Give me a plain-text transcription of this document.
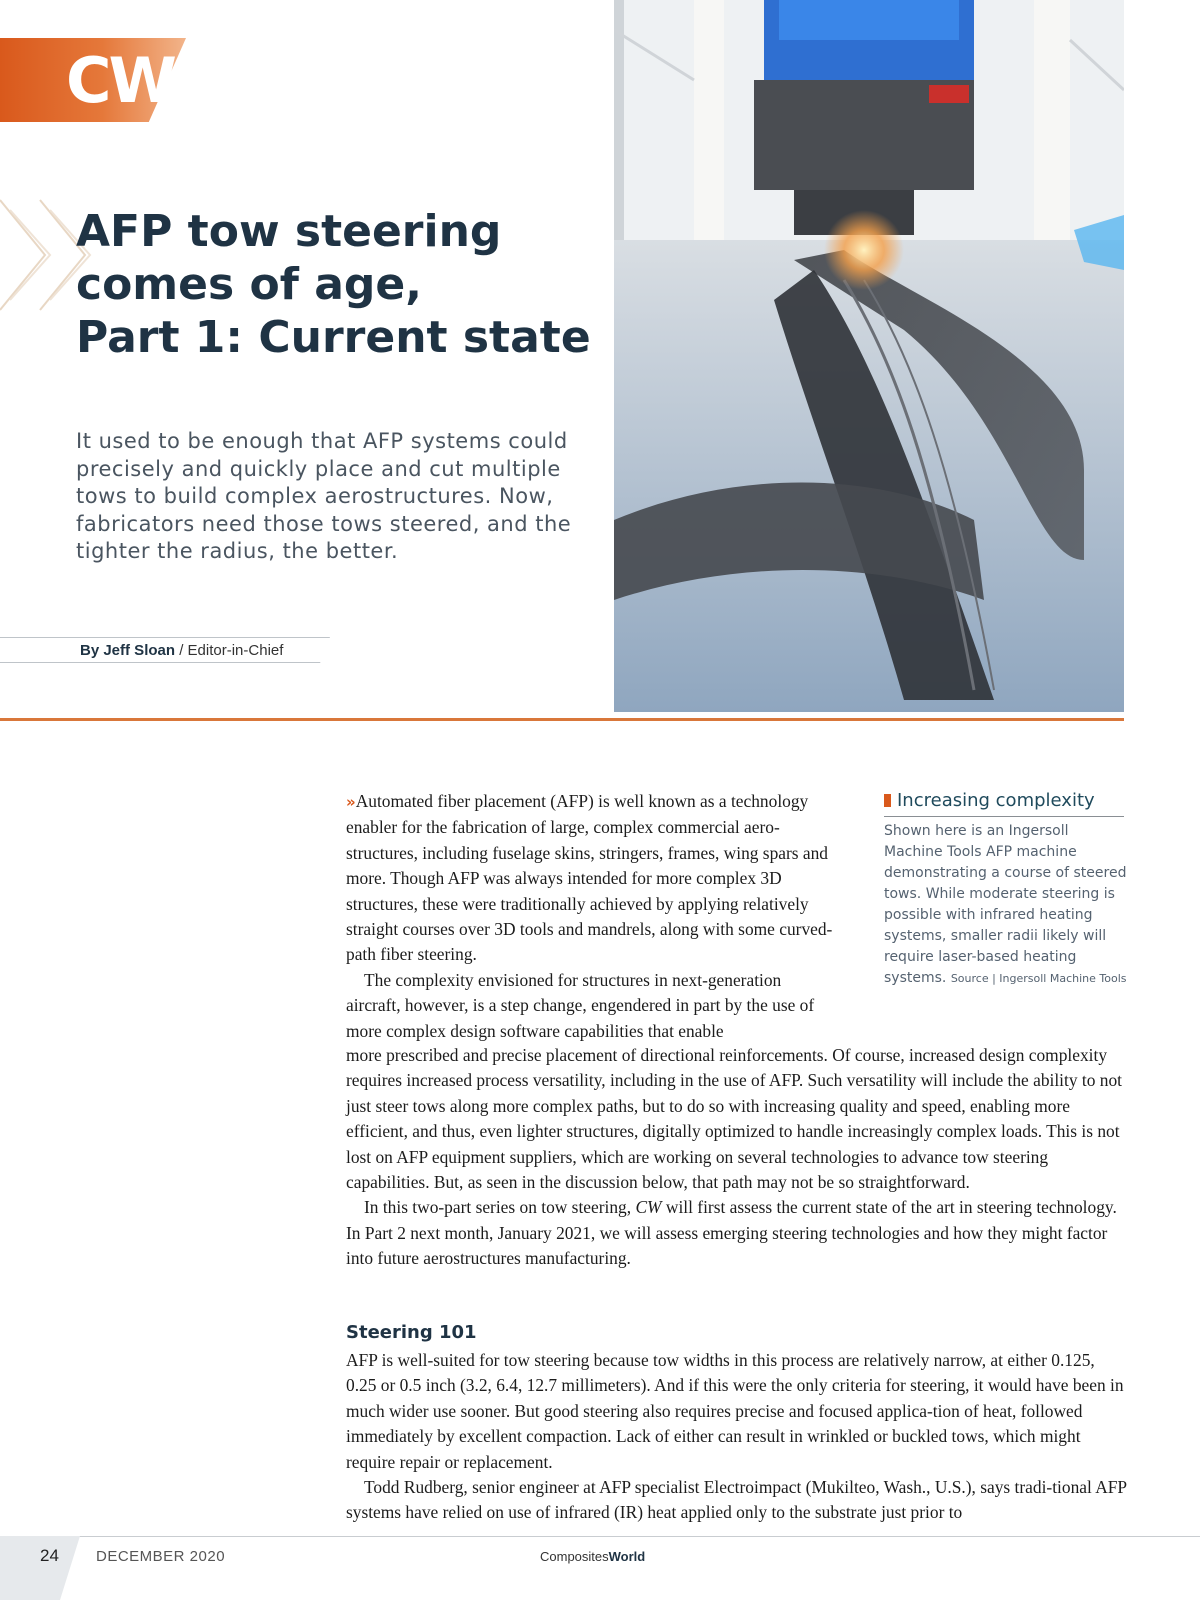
CW
AFP tow steering
comes of age,
Part 1: Current state

It used to be enough that AFP systems could precisely and quickly place and cut multiple tows to build complex aerostructures. Now, fabricators need those tows steered, and the tighter the radius, the better.

By Jeff Sloan / Editor-in-Chief

»Automated fiber placement (AFP) is well known as a technology enabler for the fabrication of large, complex commercial aero-structures, including fuselage skins, stringers, frames, wing spars and more. Though AFP was always intended for more complex 3D structures, these were traditionally achieved by applying relatively straight courses over 3D tools and mandrels, along with some curved-path fiber steering.

The complexity envisioned for structures in next-generation aircraft, however, is a step change, engendered in part by the use of more complex design software capabilities that enable

more prescribed and precise placement of directional reinforcements. Of course, increased design complexity requires increased process versatility, including in the use of AFP. Such versatility will include the ability to not just steer tows along more complex paths, but to do so with increasing quality and speed, enabling more efficient, and thus, even lighter structures, digitally optimized to handle increasingly complex loads. This is not lost on AFP equipment suppliers, which are working on several technologies to advance tow steering capabilities. But, as seen in the discussion below, that path may not be so straightforward.

In this two-part series on tow steering, CW will first assess the current state of the art in steering technology. In Part 2 next month, January 2021, we will assess emerging steering technologies and how they might factor into future aerostructures manufacturing.

Steering 101

AFP is well-suited for tow steering because tow widths in this process are relatively narrow, at either 0.125, 0.25 or 0.5 inch (3.2, 6.4, 12.7 millimeters). And if this were the only criteria for steering, it would have been in much wider use sooner. But good steering also requires precise and focused applica-tion of heat, followed immediately by excellent compaction. Lack of either can result in wrinkled or buckled tows, which might require repair or replacement.

Todd Rudberg, senior engineer at AFP specialist Electroimpact (Mukilteo, Wash., U.S.), says tradi-tional AFP systems have relied on use of infrared (IR) heat applied only to the substrate just prior to

Increasing complexity

Shown here is an Ingersoll Machine Tools AFP machine demonstrating a course of steered tows. While moderate steering is possible with infrared heating systems, smaller radii likely will require laser-based heating systems. Source | Ingersoll Machine Tools

24 DECEMBER 2020	CompositesWorld
